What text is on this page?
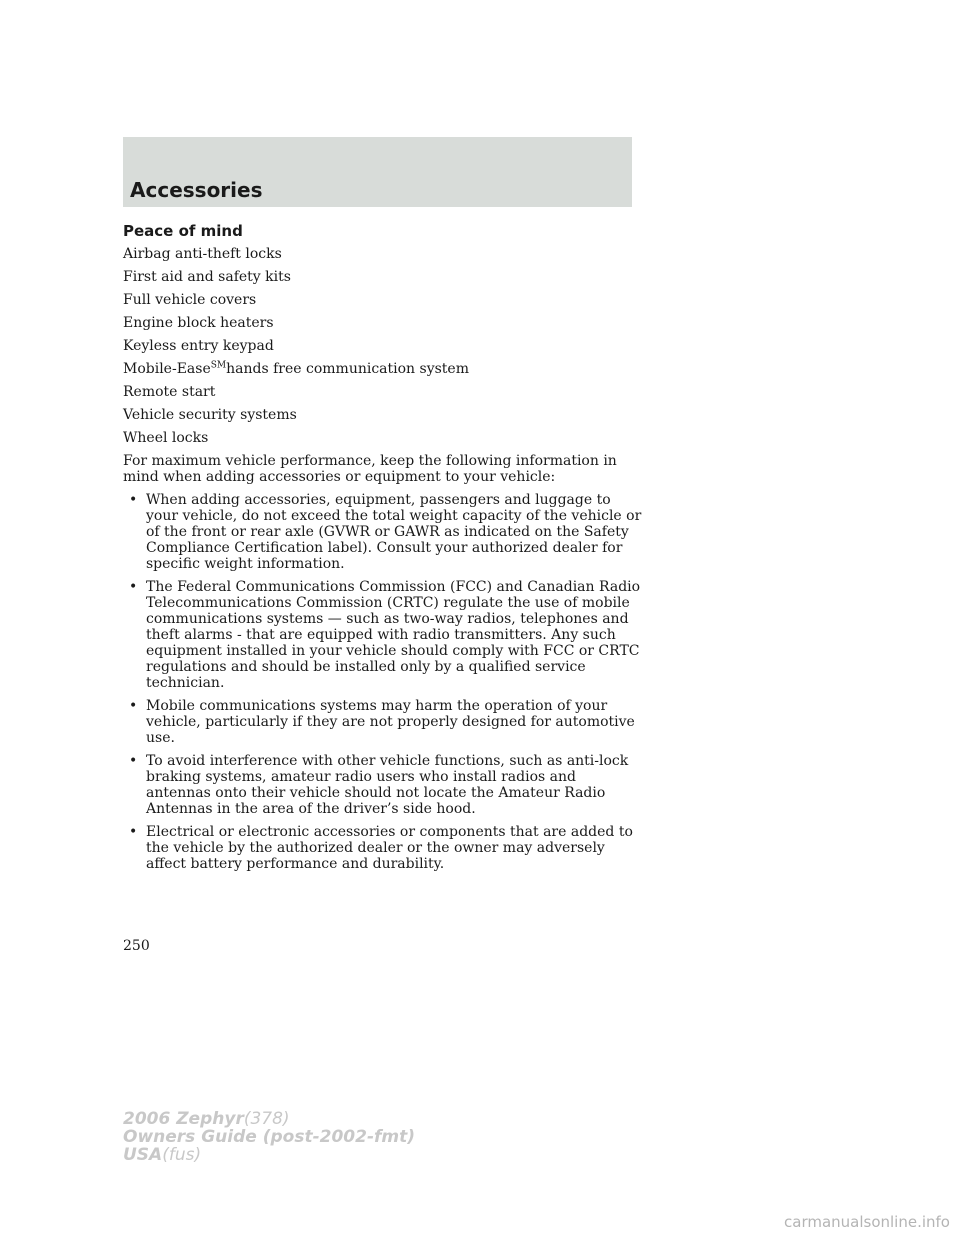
Accessories
Peace of mind
Airbag anti-theft locks
First aid and safety kits
Full vehicle covers
Engine block heaters
Keyless entry keypad
Mobile-Ease℠hands free communication system
Remote start
Vehicle security systems
Wheel locks
For maximum vehicle performance, keep the following information in mind when adding accessories or equipment to your vehicle:
• When adding accessories, equipment, passengers and luggage to your vehicle, do not exceed the total weight capacity of the vehicle or of the front or rear axle (GVWR or GAWR as indicated on the Safety Compliance Certification label). Consult your authorized dealer for specific weight information.
• The Federal Communications Commission (FCC) and Canadian Radio Telecommunications Commission (CRTC) regulate the use of mobile communications systems — such as two-way radios, telephones and theft alarms - that are equipped with radio transmitters. Any such equipment installed in your vehicle should comply with FCC or CRTC regulations and should be installed only by a qualified service technician.
• Mobile communications systems may harm the operation of your vehicle, particularly if they are not properly designed for automotive use.
• To avoid interference with other vehicle functions, such as anti-lock braking systems, amateur radio users who install radios and antennas onto their vehicle should not locate the Amateur Radio Antennas in the area of the driver’s side hood.
• Electrical or electronic accessories or components that are added to the vehicle by the authorized dealer or the owner may adversely affect battery performance and durability.
250
2006 Zephyr(378)
Owners Guide (post-2002-fmt)
USA(fus)
carmanualsonline.info
